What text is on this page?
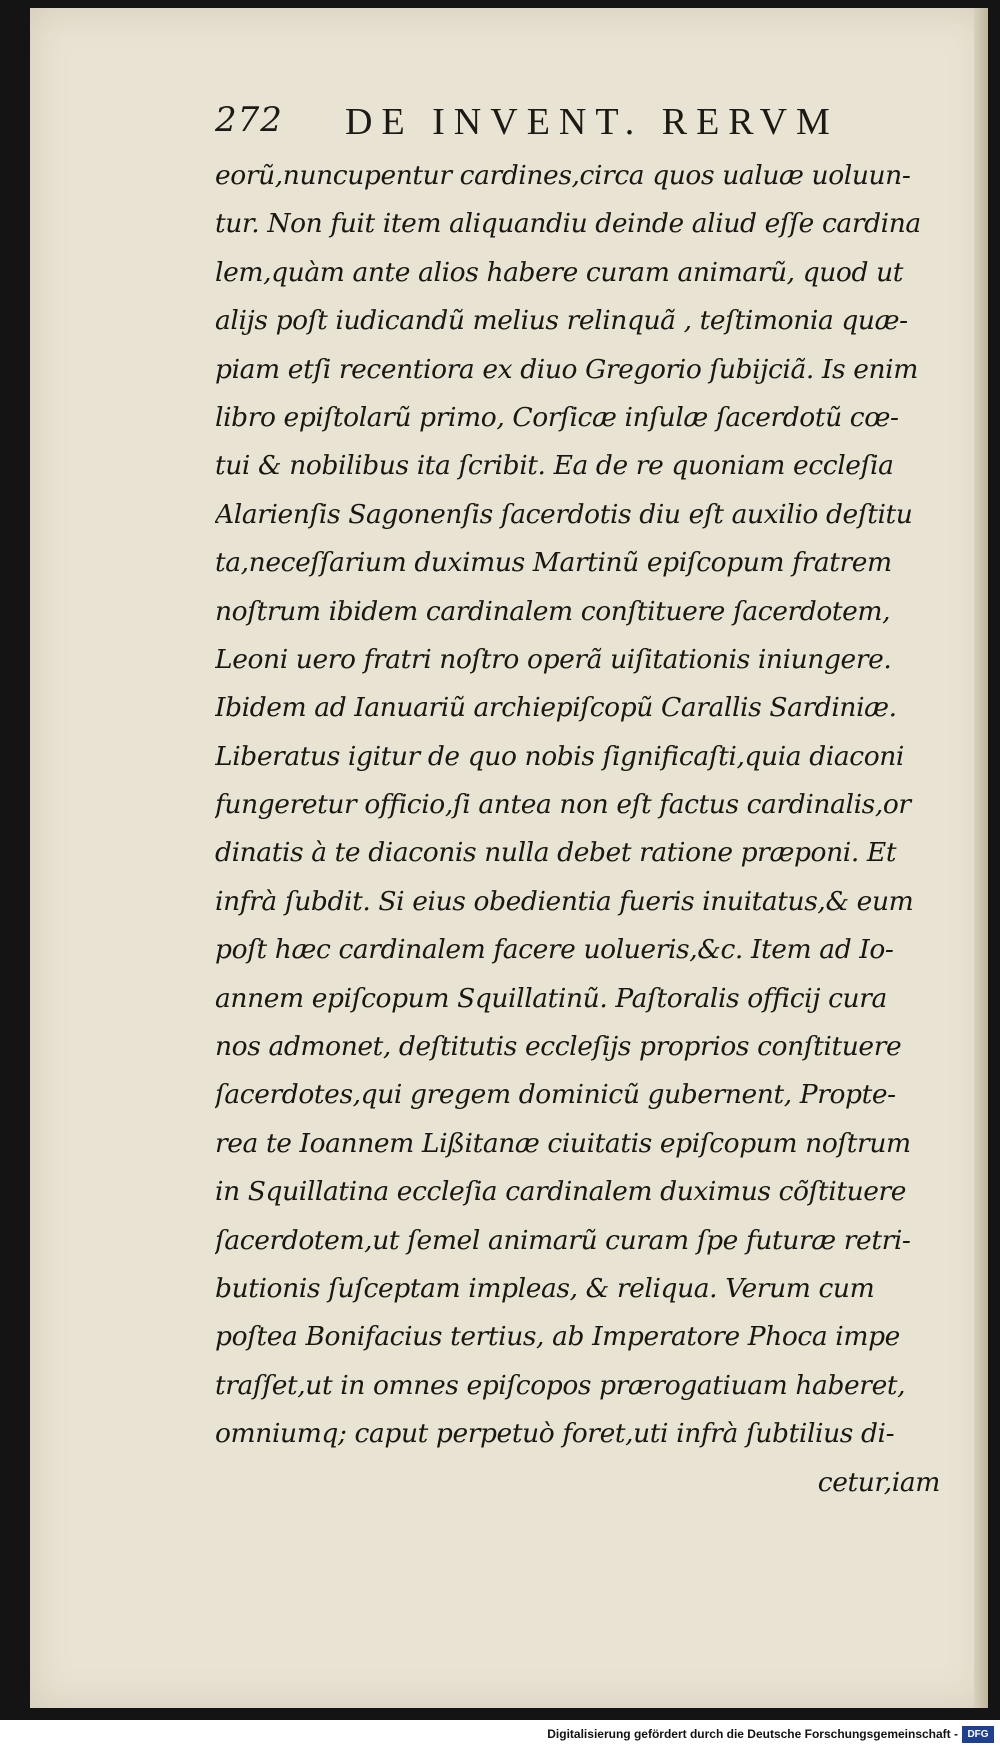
272 DE INVENT. RERVM
eorũ,nuncupentur cardines,circa quos ualuæ uoluun-
tur. Non fuit item aliquandiu deinde aliud eſſe cardina
lem,quàm ante alios habere curam animarũ, quod ut
alijs poſt iudicandũ melius relinquã , teſtimonia quæ-
piam etſi recentiora ex diuo Gregorio ſubijciã. Is enim
libro epiſtolarũ primo, Corſicæ inſulæ ſacerdotũ cœ-
tui & nobilibus ita ſcribit. Ea de re quoniam eccleſia
Alarienſis Sagonenſis ſacerdotis diu eſt auxilio deſtitu
ta,neceſſarium duximus Martinũ epiſcopum fratrem
noſtrum ibidem cardinalem conſtituere ſacerdotem,
Leoni uero fratri noſtro operã uiſitationis iniungere.
Ibidem ad Ianuariũ archiepiſcopũ Carallis Sardiniæ.
Liberatus igitur de quo nobis ſignificaſti,quia diaconi
fungeretur officio,ſi antea non eſt factus cardinalis,or
dinatis à te diaconis nulla debet ratione præponi. Et
infrà ſubdit. Si eius obedientia fueris inuitatus,& eum
poſt hæc cardinalem facere uolueris,&c. Item ad Io-
annem epiſcopum Squillatinũ. Paſtoralis officij cura
nos admonet, deſtitutis eccleſijs proprios conſtituere
ſacerdotes,qui gregem dominicũ gubernent, Propte-
rea te Ioannem Lißitanæ ciuitatis epiſcopum noſtrum
in Squillatina eccleſia cardinalem duximus cõſtituere
ſacerdotem,ut ſemel animarũ curam ſpe futuræ retri-
butionis ſuſceptam impleas, & reliqua. Verum cum
poſtea Bonifacius tertius, ab Imperatore Phoca impe
traſſet,ut in omnes epiſcopos prærogatiuam haberet,
omniumq; caput perpetuò foret,uti infrà ſubtilius di-
cetur,iam
Digitalisierung gefördert durch die Deutsche Forschungsgemeinschaft - DFG
